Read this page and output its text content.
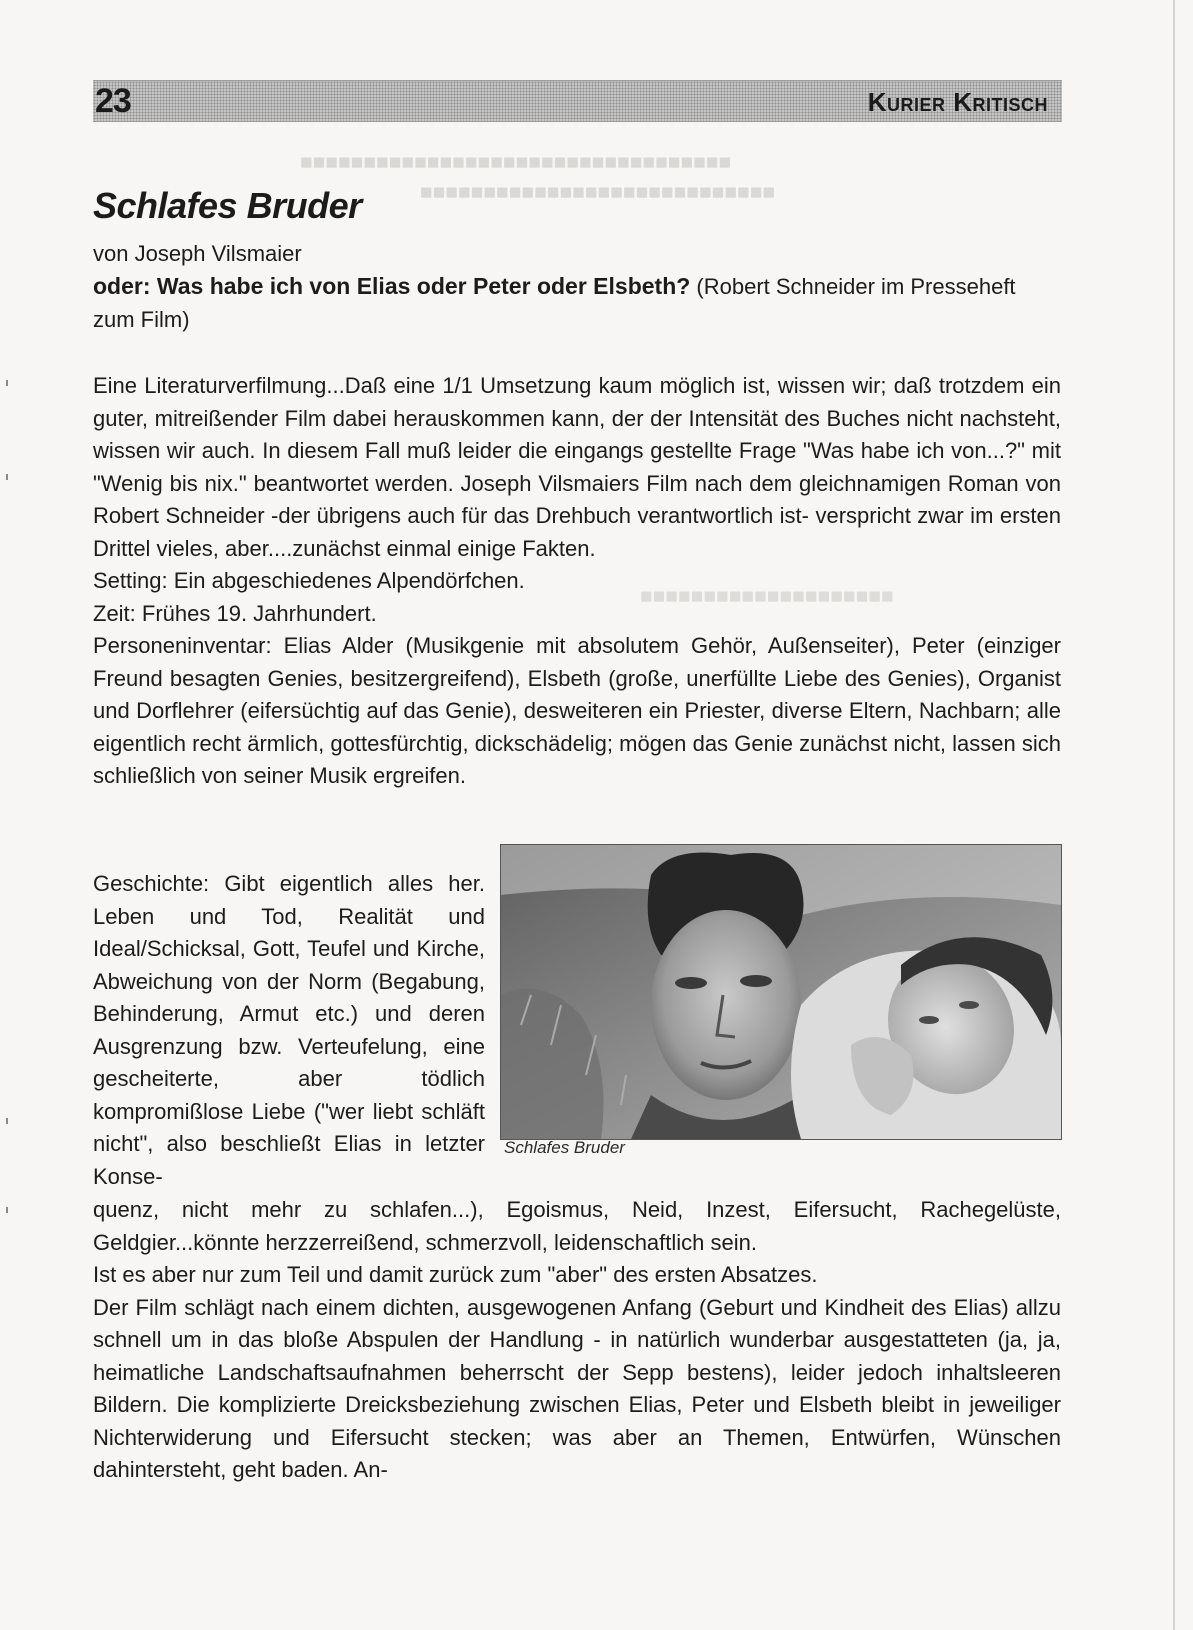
■■■■■■■■■■■■■■■■■■■■■■■■■■■■■■■■■■
■■■■■■■■■■■■■■■■■■■■■■■■■■■■
■■■■■■■■■■■■■■■■■■■■
23	Kurier Kritisch
Schlafes Bruder
von Joseph Vilsmaier
oder: Was habe ich von Elias oder Peter oder Elsbeth? (Robert Schneider im Presseheft zum Film)

Eine Literaturverfilmung...Daß eine 1/1 Umsetzung kaum möglich ist, wissen wir; daß trotzdem ein guter, mitreißender Film dabei herauskommen kann, der der Intensität des Buches nicht nachsteht, wissen wir auch. In diesem Fall muß leider die eingangs gestellte Frage "Was habe ich von...?" mit "Wenig bis nix." beantwortet werden. Joseph Vilsmaiers Film nach dem gleichnamigen Roman von Robert Schneider -der übrigens auch für das Drehbuch verantwortlich ist- verspricht zwar im ersten Drittel vieles, aber....zunächst einmal einige Fakten.

Setting: Ein abgeschiedenes Alpendörfchen.

Zeit: Frühes 19. Jahrhundert.

Personeninventar: Elias Alder (Musikgenie mit absolutem Gehör, Außenseiter), Peter (einziger Freund besagten Genies, besitzergreifend), Elsbeth (große, unerfüllte Liebe des Genies), Organist und Dorflehrer (eifersüchtig auf das Genie), desweiteren ein Priester, diverse Eltern, Nachbarn; alle eigentlich recht ärmlich, gottesfürchtig, dickschädelig; mögen das Genie zunächst nicht, lassen sich schließlich von seiner Musik ergreifen.

Schlafes Bruder

Geschichte: Gibt eigentlich alles her. Leben und Tod, Realität und Ideal/Schicksal, Gott, Teufel und Kirche, Abweichung von der Norm (Begabung, Behinderung, Armut etc.) und deren Ausgrenzung bzw. Verteufelung, eine gescheiterte, aber tödlich kompromißlose Liebe ("wer liebt schläft nicht", also beschließt Elias in letzter Konse-

quenz, nicht mehr zu schlafen...), Egoismus, Neid, Inzest, Eifersucht, Rachegelüste, Geldgier...könnte herzzerreißend, schmerzvoll, leidenschaftlich sein.

Ist es aber nur zum Teil und damit zurück zum "aber" des ersten Absatzes.

Der Film schlägt nach einem dichten, ausgewogenen Anfang (Geburt und Kindheit des Elias) allzu schnell um in das bloße Abspulen der Handlung - in natürlich wunderbar ausgestatteten (ja, ja, heimatliche Landschaftsaufnahmen beherrscht der Sepp bestens), leider jedoch inhaltsleeren Bildern. Die komplizierte Dreicksbeziehung zwischen Elias, Peter und Elsbeth bleibt in jeweiliger Nichterwiderung und Eifersucht stecken; was aber an Themen, Entwürfen, Wünschen dahintersteht, geht baden. An-
